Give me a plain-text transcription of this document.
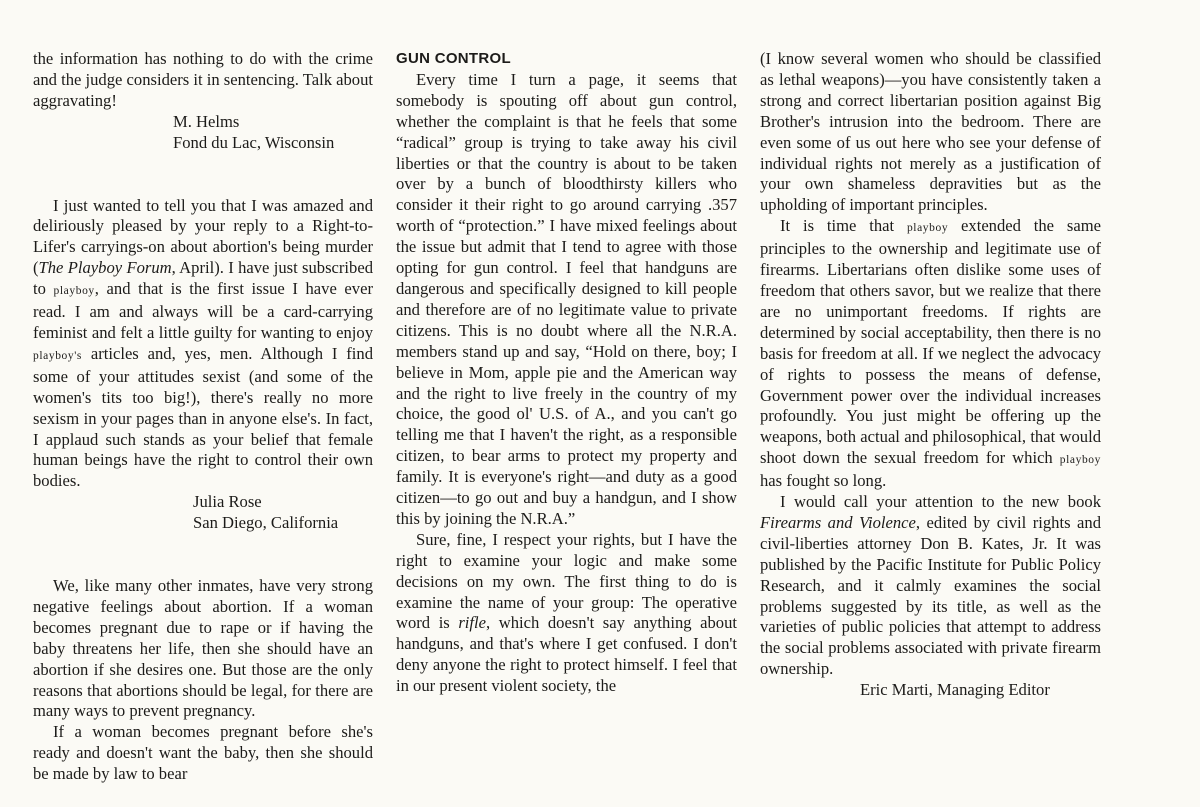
the information has nothing to do with the crime and the judge considers it in sentencing. Talk about aggravating!

M. Helms

Fond du Lac, Wisconsin

I just wanted to tell you that I was amazed and deliriously pleased by your reply to a Right-to-Lifer's carryings-on about abortion's being murder (The Playboy Forum, April). I have just subscribed to playboy, and that is the first issue I have ever read. I am and always will be a card-carrying feminist and felt a little guilty for wanting to enjoy playboy's articles and, yes, men. Although I find some of your attitudes sexist (and some of the women's tits too big!), there's really no more sexism in your pages than in anyone else's. In fact, I applaud such stands as your belief that female human beings have the right to control their own bodies.

Julia Rose

San Diego, California

We, like many other inmates, have very strong negative feelings about abortion. If a woman becomes pregnant due to rape or if having the baby threatens her life, then she should have an abortion if she desires one. But those are the only reasons that abortions should be legal, for there are many ways to prevent pregnancy.

If a woman becomes pregnant before she's ready and doesn't want the baby, then she should be made by law to bear

GUN CONTROL

Every time I turn a page, it seems that somebody is spouting off about gun control, whether the complaint is that he feels that some “radical” group is trying to take away his civil liberties or that the country is about to be taken over by a bunch of bloodthirsty killers who consider it their right to go around carrying .357 worth of “protection.” I have mixed feelings about the issue but admit that I tend to agree with those opting for gun control. I feel that handguns are dangerous and specifically designed to kill people and therefore are of no legitimate value to private citizens. This is no doubt where all the N.R.A. members stand up and say, “Hold on there, boy; I believe in Mom, apple pie and the American way and the right to live freely in the country of my choice, the good ol' U.S. of A., and you can't go telling me that I haven't the right, as a responsible citizen, to bear arms to protect my property and family. It is everyone's right—and duty as a good citizen—to go out and buy a handgun, and I show this by joining the N.R.A.”

Sure, fine, I respect your rights, but I have the right to examine your logic and make some decisions on my own. The first thing to do is examine the name of your group: The operative word is rifle, which doesn't say anything about handguns, and that's where I get confused. I don't deny anyone the right to protect himself. I feel that in our present violent society, the

(I know several women who should be classified as lethal weapons)—you have consistently taken a strong and correct libertarian position against Big Brother's intrusion into the bedroom. There are even some of us out here who see your defense of individual rights not merely as a justification of your own shameless depravities but as the upholding of important principles.

It is time that playboy extended the same principles to the ownership and legitimate use of firearms. Libertarians often dislike some uses of freedom that others savor, but we realize that there are no unimportant freedoms. If rights are determined by social acceptability, then there is no basis for freedom at all. If we neglect the advocacy of rights to possess the means of defense, Government power over the individual increases profoundly. You just might be offering up the weapons, both actual and philosophical, that would shoot down the sexual freedom for which playboy has fought so long.

I would call your attention to the new book Firearms and Violence, edited by civil rights and civil-liberties attorney Don B. Kates, Jr. It was published by the Pacific Institute for Public Policy Research, and it calmly examines the social problems suggested by its title, as well as the varieties of public policies that attempt to address the social problems associated with private firearm ownership.

Eric Marti, Managing Editor
